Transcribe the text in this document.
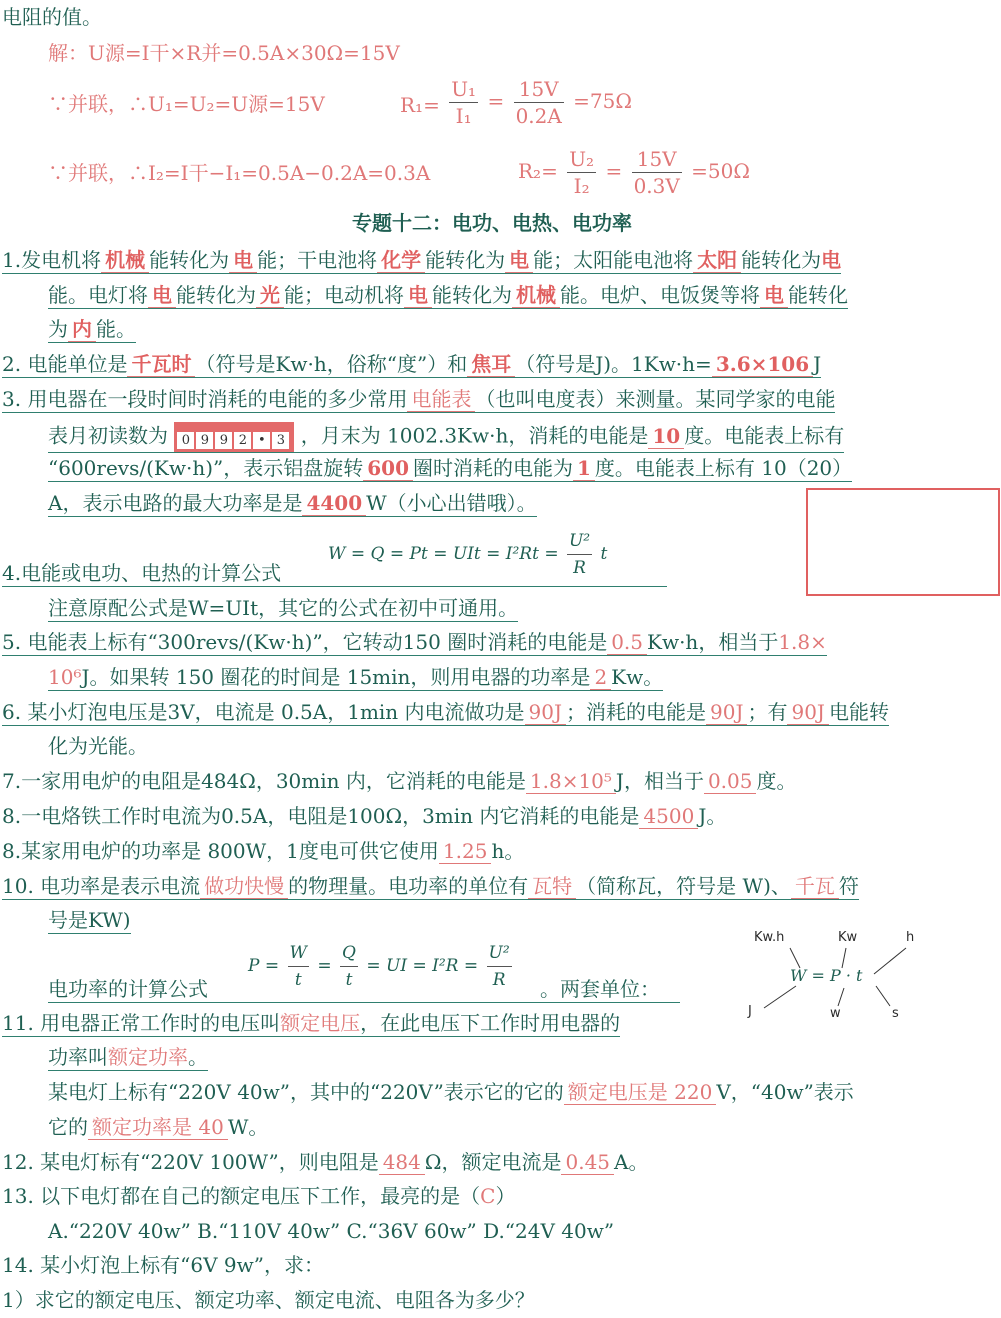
电阻的值。
解：U源=I干×R并=0.5A×30Ω=15V
∵并联，∴U₁=U₂=U源=15V	$R_1= \frac{\text{U₁}}{\text{I₁}} = \frac{15V}{0.2A} =75\Omega$
∵并联，∴I₂=I干−I₁=0.5A−0.2A=0.3A	$R_2= \frac{\text{U₂}}{\text{I₂}} = \frac{15V}{0.3V} =50\Omega$
专题十二：电功、电热、电功率
1.发电机将 机械 能转化为 电 能；干电池将 化学 能转化为 电 能；太阳能电池将 太阳 能转化为电
能。电灯将 电 能转化为 光 能；电动机将 电 能转化为 机械 能。电炉、电饭煲等将 电 能转化
为 内 能。
2. 电能单位是 千瓦时 （符号是Kw·h，俗称“度”）和 焦耳 （符号是J)。1Kw·h= 3.6×106 J
3. 用电器在一段时间时消耗的电能的多少常用 电能表 （也叫电度表）来测量。某同学家的电能
表月初读数为 0 9 9 2 • 3 ，月末为 1002.3Kw·h，消耗的电能是 10 度。电能表上标有
“600revs/(Kw·h)”，表示铝盘旋转 600 圈时消耗的电能为 1 度。电能表上标有 10（20）
A，表示电路的最大功率是是 4400 W（小心出错哦）。
4.电能或电功、电热的计算公式
W = Q = Pt = UIt = $I^2Rt = \frac{\text{U²}}{R}$ t
注意原配公式是W=UIt，其它的公式在初中可通用。
5. 电能表上标有“300revs/(Kw·h)”，它转动150 圈时消耗的电能是 0.5 Kw·h，相当于1.8×
10⁶J。如果转 150 圈花的时间是 15min，则用电器的功率是 2 Kw。
6. 某小灯泡电压是3V，电流是 0.5A，1min 内电流做功是 90J ；消耗的电能是 90J ；有 90J 电能转
化为光能。
7.一家用电炉的电阻是484Ω，30min 内，它消耗的电能是 1.8×10⁵ J，相当于 0.05 度。
8.一电烙铁工作时电流为0.5A，电阻是100Ω，3min 内它消耗的电能是 4500 J。
8.某家用电炉的功率是 800W，1度电可供它使用 1.25 h。
10. 电功率是表示电流 做功快慢 的物理量。电功率的单位有 瓦特 （简称瓦，符号是 W)、 千瓦 符
号是KW)
电功率的计算公式
$P = \frac{W}{t} = \frac{Q}{t}$ = UI = $I^2R = \frac{\text{U²}}{R}$ 。两套单位：
Kw.h	Kw	h
W = P · t
J	w	s
11. 用电器正常工作时的电压叫额定电压，在此电压下工作时用电器的
功率叫额定功率。
某电灯上标有“220V 40w”，其中的“220V”表示它的它的 额定电压是 220 V，“40w”表示
它的 额定功率是 40 W。
12. 某电灯标有“220V 100W”，则电阻是 484 Ω，额定电流是 0.45 A。
13. 以下电灯都在自己的额定电压下工作，最亮的是（C）
A.“220V 40w” B.“110V 40w” C.“36V 60w” D.“24V 40w”
14. 某小灯泡上标有“6V 9w”，求：
1）求它的额定电压、额定功率、额定电流、电阻各为多少？
